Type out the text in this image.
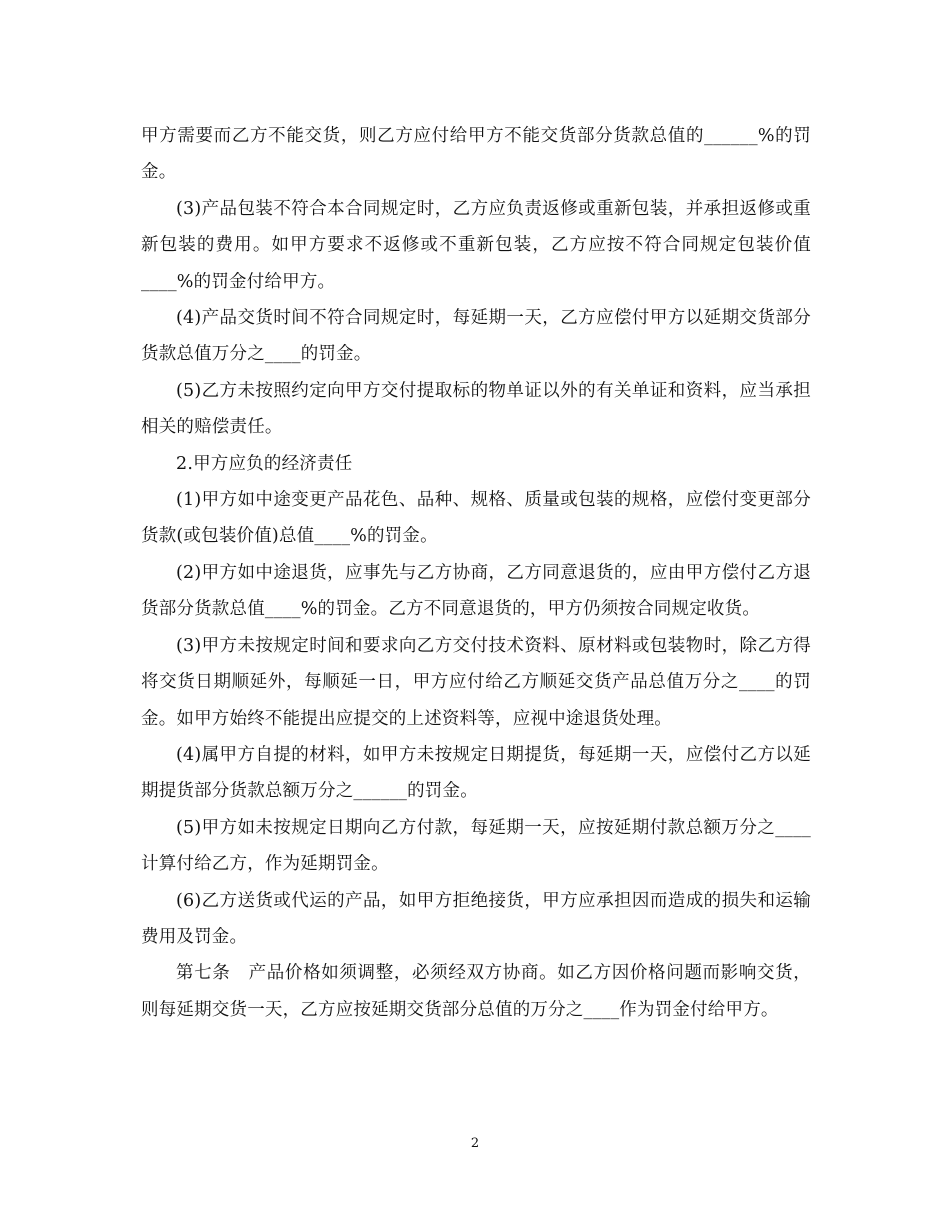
甲方需要而乙方不能交货，则乙方应付给甲方不能交货部分货款总值的______%的罚金。

(3)产品包装不符合本合同规定时，乙方应负责返修或重新包装，并承担返修或重新包装的费用。如甲方要求不返修或不重新包装，乙方应按不符合同规定包装价值____%的罚金付给甲方。

(4)产品交货时间不符合同规定时，每延期一天，乙方应偿付甲方以延期交货部分货款总值万分之____的罚金。

(5)乙方未按照约定向甲方交付提取标的物单证以外的有关单证和资料，应当承担相关的赔偿责任。

2.甲方应负的经济责任

(1)甲方如中途变更产品花色、品种、规格、质量或包装的规格，应偿付变更部分货款(或包装价值)总值____%的罚金。

(2)甲方如中途退货，应事先与乙方协商，乙方同意退货的，应由甲方偿付乙方退货部分货款总值____%的罚金。乙方不同意退货的，甲方仍须按合同规定收货。

(3)甲方未按规定时间和要求向乙方交付技术资料、原材料或包装物时，除乙方得将交货日期顺延外，每顺延一日，甲方应付给乙方顺延交货产品总值万分之____的罚金。如甲方始终不能提出应提交的上述资料等，应视中途退货处理。

(4)属甲方自提的材料，如甲方未按规定日期提货，每延期一天，应偿付乙方以延期提货部分货款总额万分之______的罚金。

(5)甲方如未按规定日期向乙方付款，每延期一天，应按延期付款总额万分之____计算付给乙方，作为延期罚金。

(6)乙方送货或代运的产品，如甲方拒绝接货，甲方应承担因而造成的损失和运输费用及罚金。

第七条　产品价格如须调整，必须经双方协商。如乙方因价格问题而影响交货，则每延期交货一天，乙方应按延期交货部分总值的万分之____作为罚金付给甲方。

2
